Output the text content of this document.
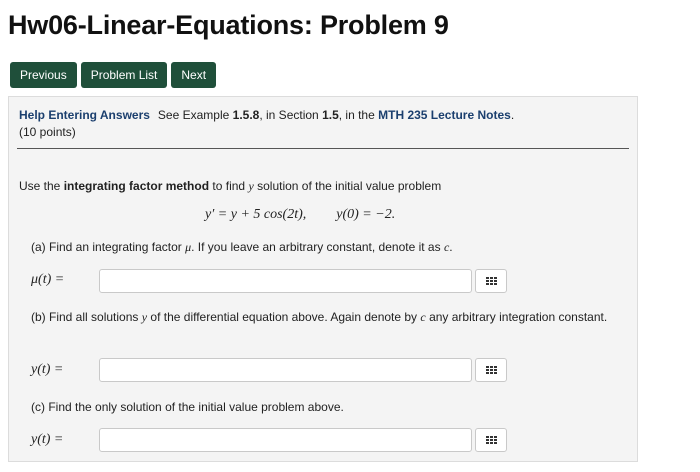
Hw06-Linear-Equations: Problem 9
Previous	Problem List	Next
Help Entering Answers See Example 1.5.8, in Section 1.5, in the MTH 235 Lecture Notes.
(10 points)
Use the integrating factor method to find y solution of the initial value problem
y′ = y + 5 cos(2t), y(0) = −2.
(a) Find an integrating factor μ. If you leave an arbitrary constant, denote it as c.
μ(t) =
(b) Find all solutions y of the differential equation above. Again denote by c any arbitrary integration constant.
y(t) =
(c) Find the only solution of the initial value problem above.
y(t) =
